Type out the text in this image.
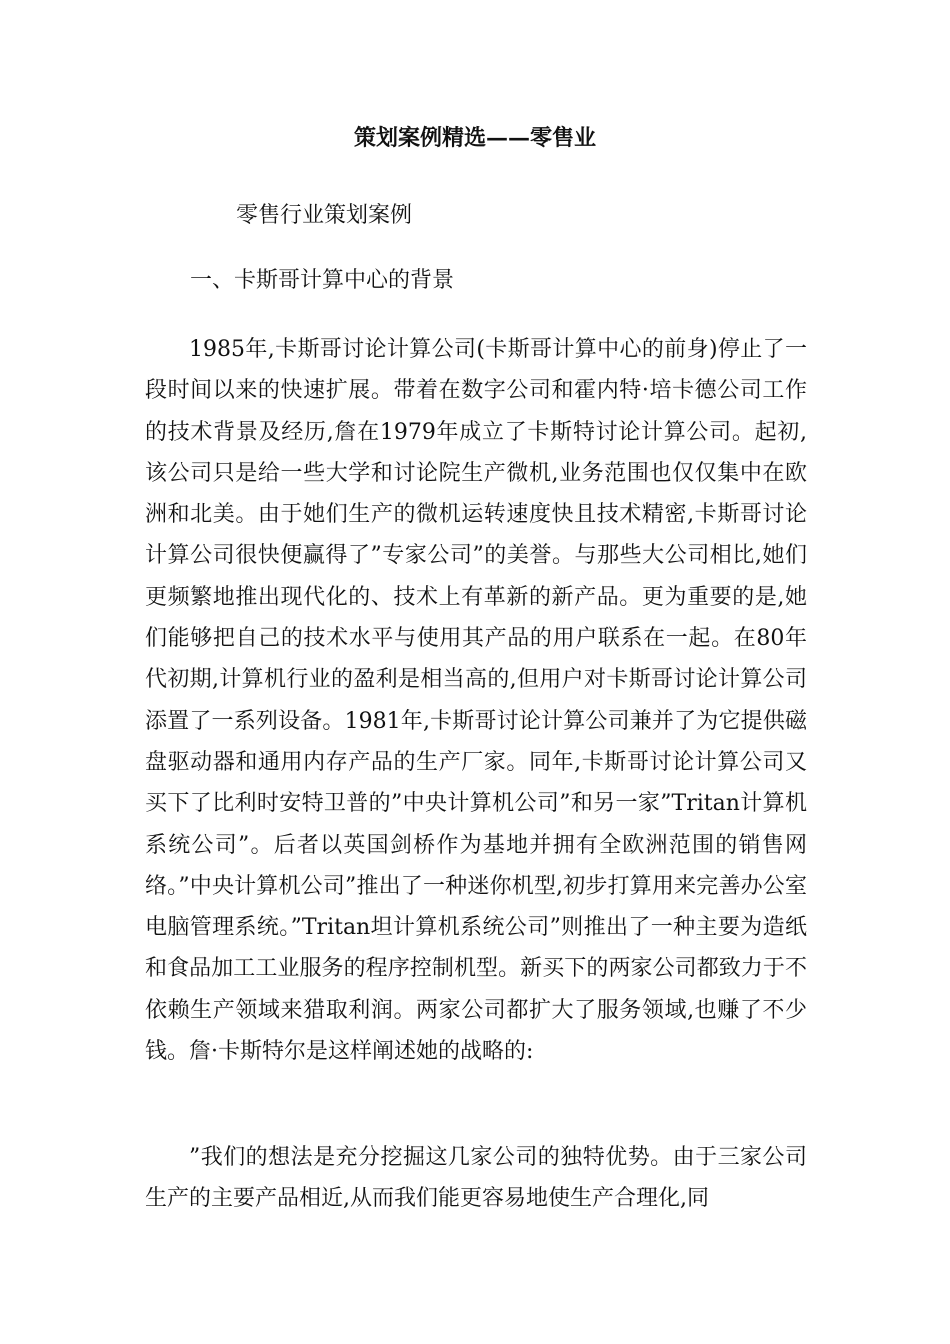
策划案例精选——零售业

零售行业策划案例

一、卡斯哥计算中心的背景

1985年,卡斯哥讨论计算公司(卡斯哥计算中心的前身)停止了一段时间以来的快速扩展。带着在数字公司和霍内特·培卡德公司工作的技术背景及经历,詹在1979年成立了卡斯特讨论计算公司。起初,该公司只是给一些大学和讨论院生产微机,业务范围也仅仅集中在欧洲和北美。由于她们生产的微机运转速度快且技术精密,卡斯哥讨论计算公司很快便赢得了”专家公司”的美誉。与那些大公司相比,她们更频繁地推出现代化的、技术上有革新的新产品。更为重要的是,她们能够把自己的技术水平与使用其产品的用户联系在一起。在80年代初期,计算机行业的盈利是相当高的,但用户对卡斯哥讨论计算公司添置了一系列设备。1981年,卡斯哥讨论计算公司兼并了为它提供磁盘驱动器和通用内存产品的生产厂家。同年,卡斯哥讨论计算公司又买下了比利时安特卫普的”中央计算机公司”和另一家”Tritan计算机系统公司”。后者以英国剑桥作为基地并拥有全欧洲范围的销售网络。”中央计算机公司”推出了一种迷你机型,初步打算用来完善办公室电脑管理系统。”Tritan坦计算机系统公司”则推出了一种主要为造纸和食品加工工业服务的程序控制机型。新买下的两家公司都致力于不依赖生产领域来猎取利润。两家公司都扩大了服务领域,也赚了不少钱。詹·卡斯特尔是这样阐述她的战略的:

”我们的想法是充分挖掘这几家公司的独特优势。由于三家公司生产的主要产品相近,从而我们能更容易地使生产合理化,同
